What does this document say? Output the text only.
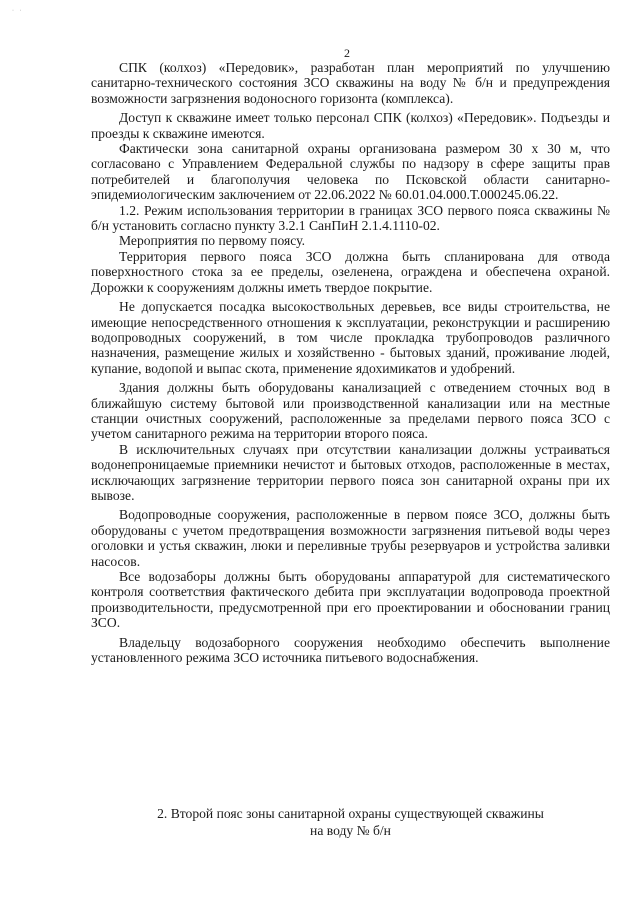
· ·
2

СПК (колхоз) «Передовик», разработан план мероприятий по улучшению санитарно-технического состояния ЗСО скважины на воду № б/н и предупреждения возможности загрязнения водоносного горизонта (комплекса).

Доступ к скважине имеет только персонал СПК (колхоз) «Передовик». Подъезды и проезды к скважине имеются.

Фактически зона санитарной охраны организована размером 30 х 30 м, что согласовано с Управлением Федеральной службы по надзору в сфере защиты прав потребителей и благополучия человека по Псковской области санитарно-эпидемиологическим заключением от 22.06.2022 № 60.01.04.000.Т.000245.06.22.

1.2. Режим использования территории в границах ЗСО первого пояса скважины № б/н установить согласно пункту 3.2.1 СанПиН 2.1.4.1110-02.

Мероприятия по первому поясу.

Территория первого пояса ЗСО должна быть спланирована для отвода поверхностного стока за ее пределы, озеленена, ограждена и обеспечена охраной. Дорожки к сооружениям должны иметь твердое покрытие.

Не допускается посадка высокоствольных деревьев, все виды строительства, не имеющие непосредственного отношения к эксплуатации, реконструкции и расширению водопроводных сооружений, в том числе прокладка трубопроводов различного назначения, размещение жилых и хозяйственно - бытовых зданий, проживание людей, купание, водопой и выпас скота, применение ядохимикатов и удобрений.

Здания должны быть оборудованы канализацией с отведением сточных вод в ближайшую систему бытовой или производственной канализации или на местные станции очистных сооружений, расположенные за пределами первого пояса ЗСО с учетом санитарного режима на территории второго пояса.

В исключительных случаях при отсутствии канализации должны устраиваться водонепроницаемые приемники нечистот и бытовых отходов, расположенные в местах, исключающих загрязнение территории первого пояса зон санитарной охраны при их вывозе.

Водопроводные сооружения, расположенные в первом поясе ЗСО, должны быть оборудованы с учетом предотвращения возможности загрязнения питьевой воды через оголовки и устья скважин, люки и переливные трубы резервуаров и устройства заливки насосов.

Все водозаборы должны быть оборудованы аппаратурой для систематического контроля соответствия фактического дебита при эксплуатации водопровода проектной производительности, предусмотренной при его проектировании и обосновании границ ЗСО.

Владельцу водозаборного сооружения необходимо обеспечить выполнение установленного режима ЗСО источника питьевого водоснабжения.

2. Второй пояс зоны санитарной охраны существующей скважины
на воду № б/н
